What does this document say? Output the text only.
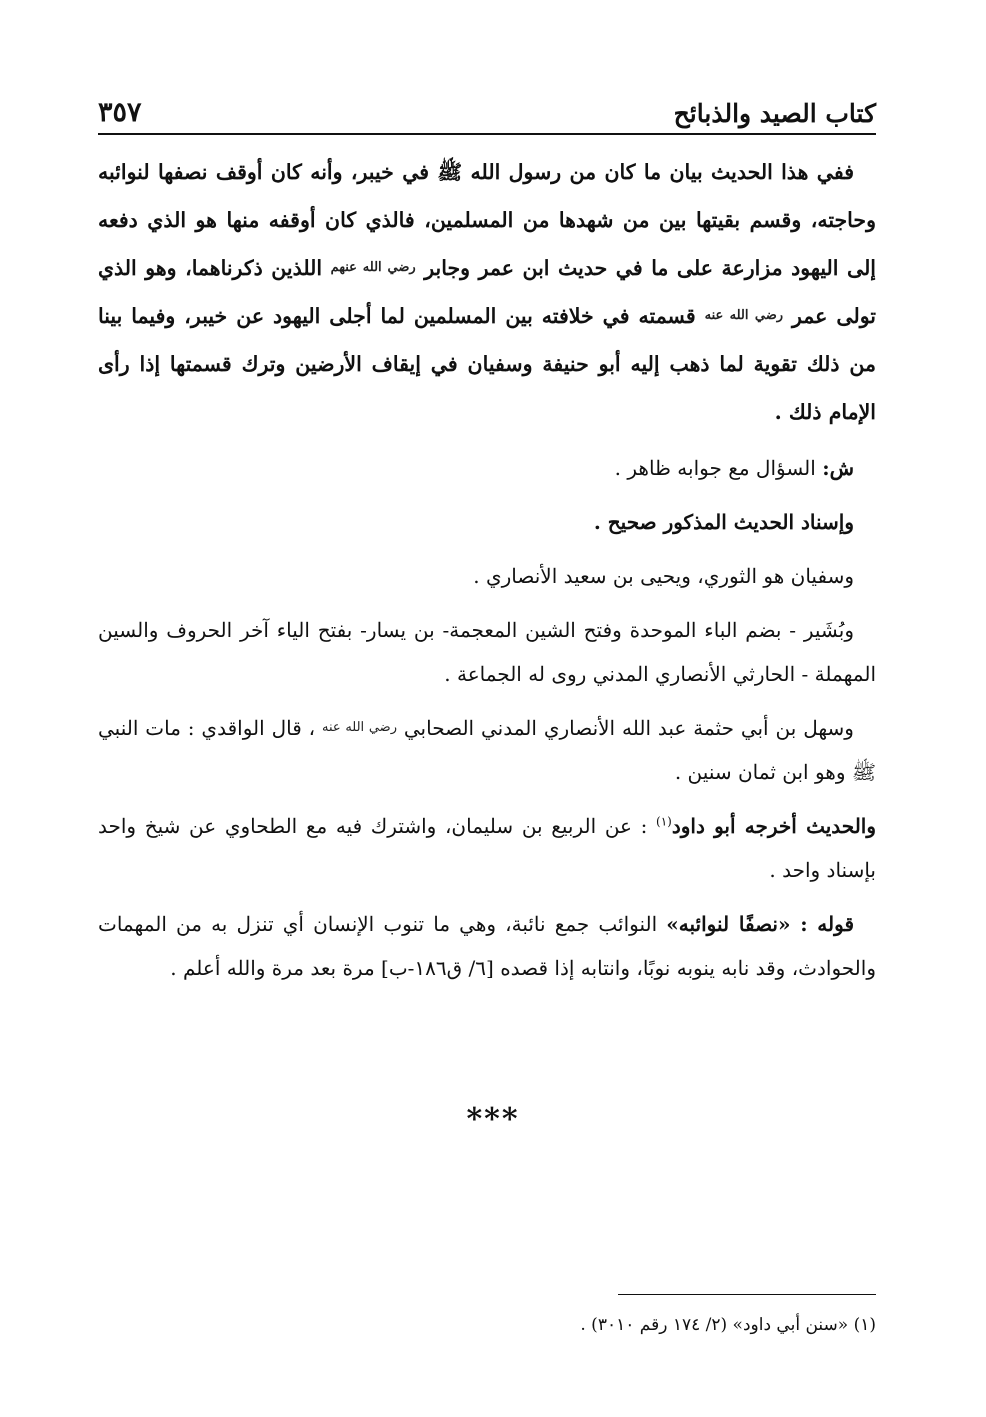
كتاب الصيد والذبائح
٣٥٧

ففي هذا الحديث بيان ما كان من رسول الله ﷺ في خيبر، وأنه كان أوقف نصفها لنوائبه وحاجته، وقسم بقيتها بين من شهدها من المسلمين، فالذي كان أوقفه منها هو الذي دفعه إلى اليهود مزارعة على ما في حديث ابن عمر وجابر رضي الله عنهم اللذين ذكرناهما، وهو الذي تولى عمر رضي الله عنه قسمته في خلافته بين المسلمين لما أجلى اليهود عن خيبر، وفيما بينا من ذلك تقوية لما ذهب إليه أبو حنيفة وسفيان في إيقاف الأرضين وترك قسمتها إذا رأى الإمام ذلك .

ش: السؤال مع جوابه ظاهر .

وإسناد الحديث المذكور صحيح .

وسفيان هو الثوري، ويحيى بن سعيد الأنصاري .

وبُشَير - بضم الباء الموحدة وفتح الشين المعجمة- بن يسار- بفتح الياء آخر الحروف والسين المهملة - الحارثي الأنصاري المدني روى له الجماعة .

وسهل بن أبي حثمة عبد الله الأنصاري المدني الصحابي $^{رضي الله عنه}$ ، قال الواقدي : مات النبي ﷺ وهو ابن ثمان سنين .

والحديث أخرجه أبو داود$^{(١)}$ : عن الربيع بن سليمان، واشترك فيه مع الطحاوي عن شيخ واحد بإسناد واحد .

قوله : «نصفًا لنوائبه» النوائب جمع نائبة، وهي ما تنوب الإنسان أي تنزل به من المهمات والحوادث، وقد نابه ينوبه نوبًا، وانتابه إذا قصده [٦/ ق١٨٦-ب] مرة بعد مرة والله أعلم .

***
(١) «سنن أبي داود» (٢/ ١٧٤ رقم ٣٠١٠) .
